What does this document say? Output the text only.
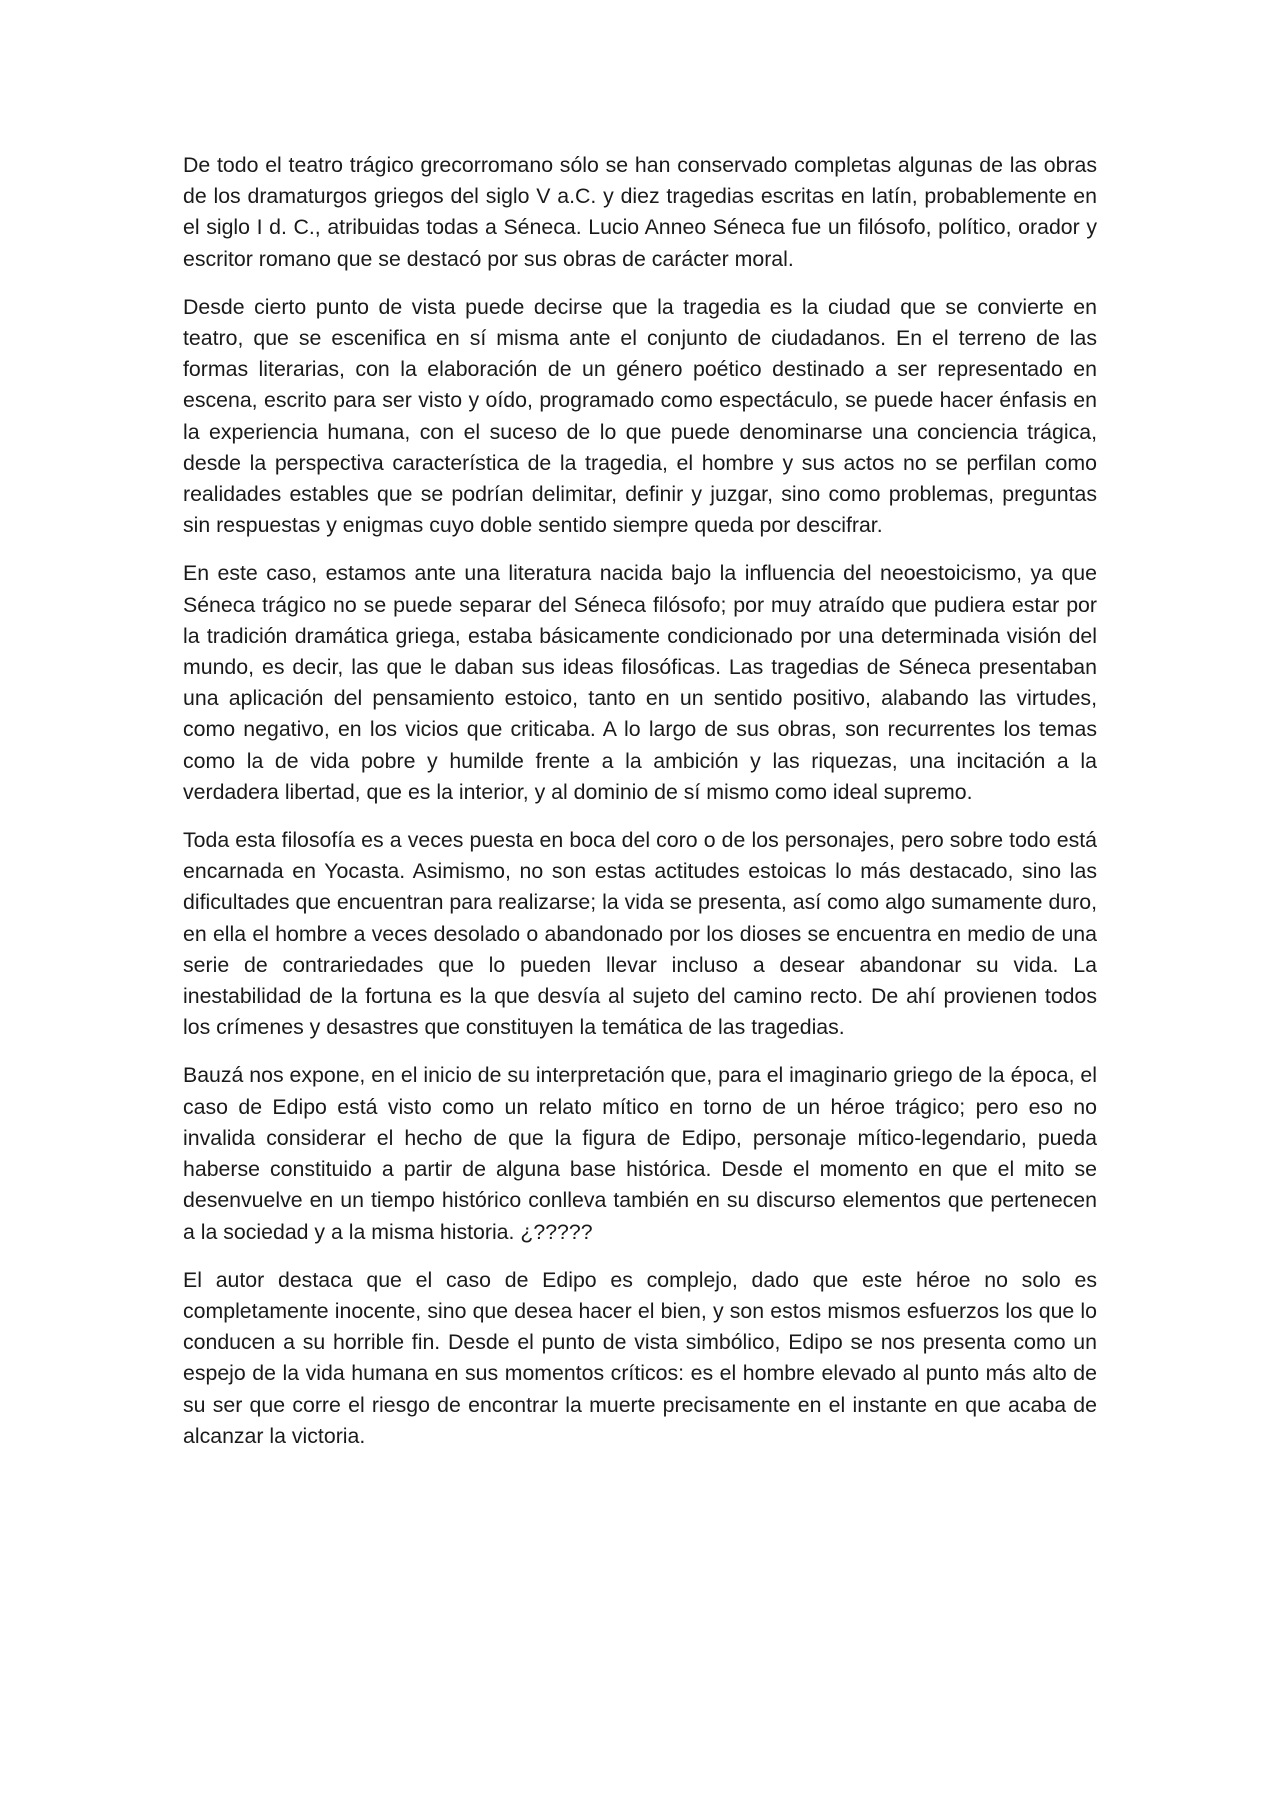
De todo el teatro trágico grecorromano sólo se han conservado completas algunas de las obras de los dramaturgos griegos del siglo V a.C. y diez tragedias escritas en latín, probablemente en el siglo I d. C., atribuidas todas a Séneca. Lucio Anneo Séneca fue un filósofo, político, orador y escritor romano que se destacó por sus obras de carácter moral.

Desde cierto punto de vista puede decirse que la tragedia es la ciudad que se convierte en teatro, que se escenifica en sí misma ante el conjunto de ciudadanos. En el terreno de las formas literarias, con la elaboración de un género poético destinado a ser representado en escena, escrito para ser visto y oído, programado como espectáculo, se puede hacer énfasis en la experiencia humana, con el suceso de lo que puede denominarse una conciencia trágica, desde la perspectiva característica de la tragedia, el hombre y sus actos no se perfilan como realidades estables que se podrían delimitar, definir y juzgar, sino como problemas, preguntas sin respuestas y enigmas cuyo doble sentido siempre queda por descifrar.

En este caso, estamos ante una literatura nacida bajo la influencia del neoestoicismo, ya que Séneca trágico no se puede separar del Séneca filósofo; por muy atraído que pudiera estar por la tradición dramática griega, estaba básicamente condicionado por una determinada visión del mundo, es decir, las que le daban sus ideas filosóficas. Las tragedias de Séneca presentaban una aplicación del pensamiento estoico, tanto en un sentido positivo, alabando las virtudes, como negativo, en los vicios que criticaba. A lo largo de sus obras, son recurrentes los temas como la de vida pobre y humilde frente a la ambición y las riquezas, una incitación a la verdadera libertad, que es la interior, y al dominio de sí mismo como ideal supremo.

Toda esta filosofía es a veces puesta en boca del coro o de los personajes, pero sobre todo está encarnada en Yocasta. Asimismo, no son estas actitudes estoicas lo más destacado, sino las dificultades que encuentran para realizarse; la vida se presenta, así como algo sumamente duro, en ella el hombre a veces desolado o abandonado por los dioses se encuentra en medio de una serie de contrariedades que lo pueden llevar incluso a desear abandonar su vida. La inestabilidad de la fortuna es la que desvía al sujeto del camino recto. De ahí provienen todos los crímenes y desastres que constituyen la temática de las tragedias.

Bauzá nos expone, en el inicio de su interpretación que, para el imaginario griego de la época, el caso de Edipo está visto como un relato mítico en torno de un héroe trágico; pero eso no invalida considerar el hecho de que la figura de Edipo, personaje mítico-legendario, pueda haberse constituido a partir de alguna base histórica. Desde el momento en que el mito se desenvuelve en un tiempo histórico conlleva también en su discurso elementos que pertenecen a la sociedad y a la misma historia. ¿?????

El autor destaca que el caso de Edipo es complejo, dado que este héroe no solo es completamente inocente, sino que desea hacer el bien, y son estos mismos esfuerzos los que lo conducen a su horrible fin. Desde el punto de vista simbólico, Edipo se nos presenta como un espejo de la vida humana en sus momentos críticos: es el hombre elevado al punto más alto de su ser que corre el riesgo de encontrar la muerte precisamente en el instante en que acaba de alcanzar la victoria.
